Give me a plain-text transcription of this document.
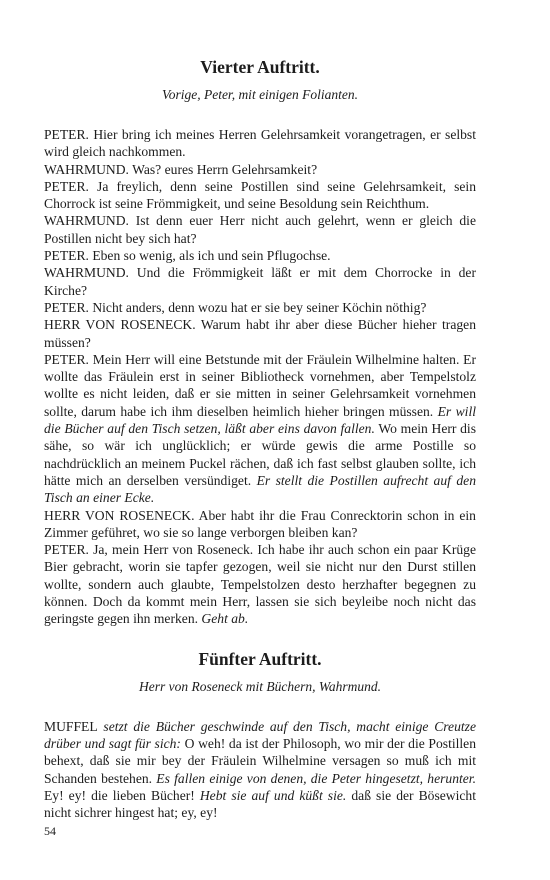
Vierter Auftritt.

Vorige, Peter, mit einigen Folianten.

PETER. Hier bring ich meines Herren Gelehrsamkeit vorangetragen, er selbst wird gleich nachkommen.

WAHRMUND. Was? eures Herrn Gelehrsamkeit?

PETER. Ja freylich, denn seine Postillen sind seine Gelehrsamkeit, sein Chorrock ist seine Frömmigkeit, und seine Besoldung sein Reichthum.

WAHRMUND. Ist denn euer Herr nicht auch gelehrt, wenn er gleich die Postillen nicht bey sich hat?

PETER. Eben so wenig, als ich und sein Pflugochse.

WAHRMUND. Und die Frömmigkeit läßt er mit dem Chorrocke in der Kirche?

PETER. Nicht anders, denn wozu hat er sie bey seiner Köchin nöthig?

HERR VON ROSENECK. Warum habt ihr aber diese Bücher hieher tragen müssen?

PETER. Mein Herr will eine Betstunde mit der Fräulein Wilhelmine halten. Er wollte das Fräulein erst in seiner Bibliotheck vornehmen, aber Tempelstolz wollte es nicht leiden, daß er sie mitten in seiner Gelehrsamkeit vornehmen sollte, darum habe ich ihm dieselben heimlich hieher bringen müssen. Er will die Bücher auf den Tisch setzen, läßt aber eins davon fallen. Wo mein Herr dis sähe, so wär ich unglücklich; er würde gewis die arme Postille so nachdrücklich an meinem Puckel rächen, daß ich fast selbst glauben sollte, ich hätte mich an derselben versündiget. Er stellt die Postillen aufrecht auf den Tisch an einer Ecke.

HERR VON ROSENECK. Aber habt ihr die Frau Conrecktorin schon in ein Zimmer geführet, wo sie so lange verborgen bleiben kan?

PETER. Ja, mein Herr von Roseneck. Ich habe ihr auch schon ein paar Krüge Bier gebracht, worin sie tapfer gezogen, weil sie nicht nur den Durst stillen wollte, sondern auch glaubte, Tempelstolzen desto herzhafter begegnen zu können. Doch da kommt mein Herr, lassen sie sich beyleibe noch nicht das geringste gegen ihn merken. Geht ab.

Fünfter Auftritt.

Herr von Roseneck mit Büchern, Wahrmund.

MUFFEL setzt die Bücher geschwinde auf den Tisch, macht einige Creutze drüber und sagt für sich: O weh! da ist der Philosoph, wo mir der die Postillen behext, daß sie mir bey der Fräulein Wilhelmine versagen so muß ich mit Schanden bestehen. Es fallen einige von denen, die Peter hingesetzt, herunter. Ey! ey! die lieben Bücher! Hebt sie auf und küßt sie. daß sie der Bösewicht nicht sichrer hingest hat; ey, ey!

54
